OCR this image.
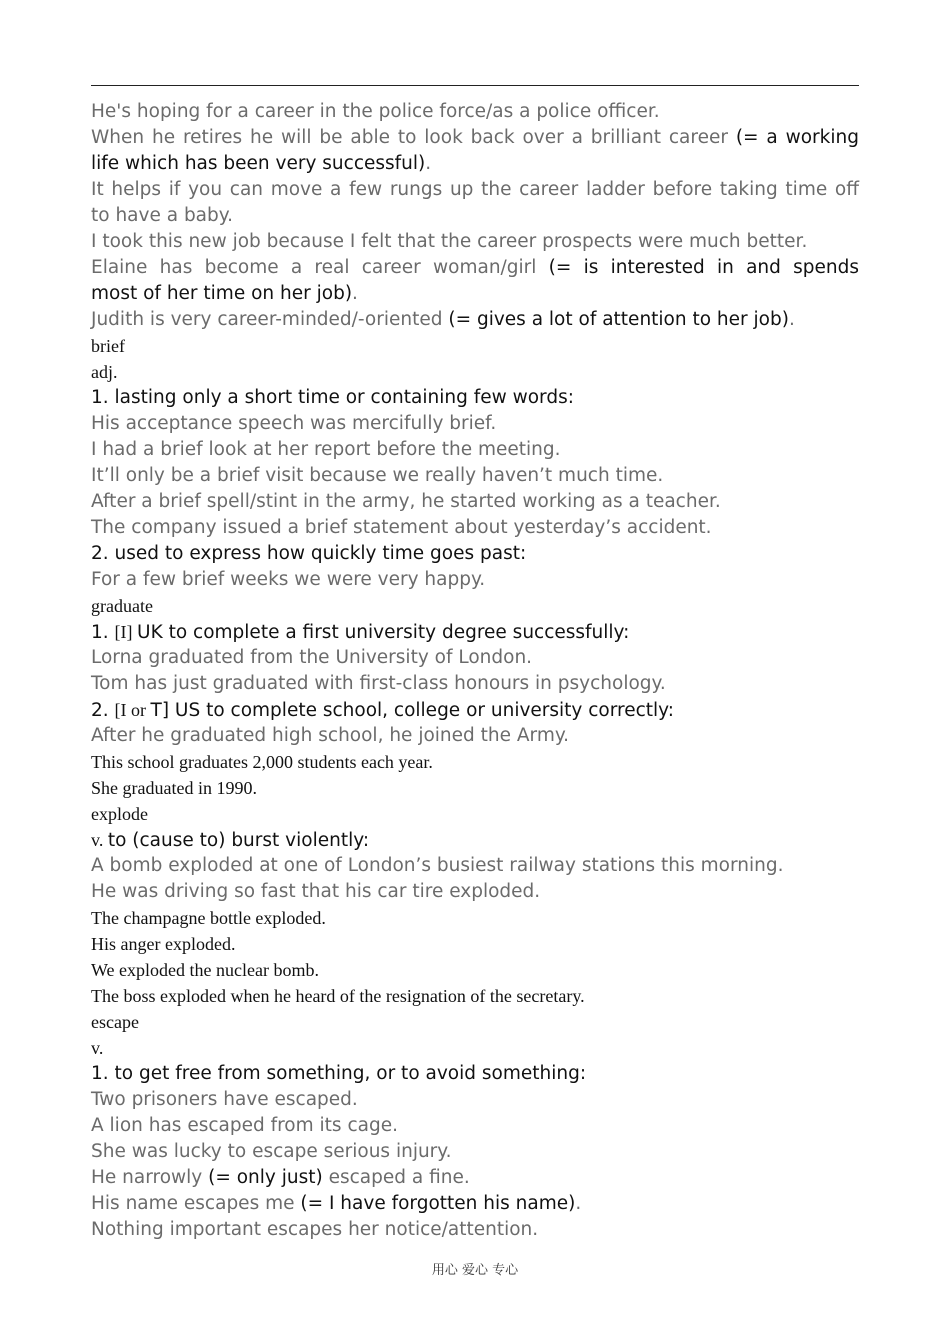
He's hoping for a career in the police force/as a police officer.
When he retires he will be able to look back over a brilliant career (= a working
life which has been very successful).
It helps if you can move a few rungs up the career ladder before taking time off
to have a baby.
I took this new job because I felt that the career prospects were much better.
Elaine has become a real career woman/girl (= is interested in and spends
most of her time on her job).
Judith is very career-minded/-oriented (= gives a lot of attention to her job).
brief
adj.
1. lasting only a short time or containing few words:
His acceptance speech was mercifully brief.
I had a brief look at her report before the meeting.
It’ll only be a brief visit because we really haven’t much time.
After a brief spell/stint in the army, he started working as a teacher.
The company issued a brief statement about yesterday’s accident.
2. used to express how quickly time goes past:
For a few brief weeks we were very happy.
graduate
1. [I] UK to complete a first university degree successfully:
Lorna graduated from the University of London.
Tom has just graduated with first-class honours in psychology.
2. [I or T] US to complete school, college or university correctly:
After he graduated high school, he joined the Army.
This school graduates 2,000 students each year.
She graduated in 1990.
explode
v. to (cause to) burst violently:
A bomb exploded at one of London’s busiest railway stations this morning.
He was driving so fast that his car tire exploded.
The champagne bottle exploded.
His anger exploded.
We exploded the nuclear bomb.
The boss exploded when he heard of the resignation of the secretary.
escape
v.
1. to get free from something, or to avoid something:
Two prisoners have escaped.
A lion has escaped from its cage.
She was lucky to escape serious injury.
He narrowly (= only just) escaped a fine.
His name escapes me (= I have forgotten his name).
Nothing important escapes her notice/attention.
用心 爱心 专心
